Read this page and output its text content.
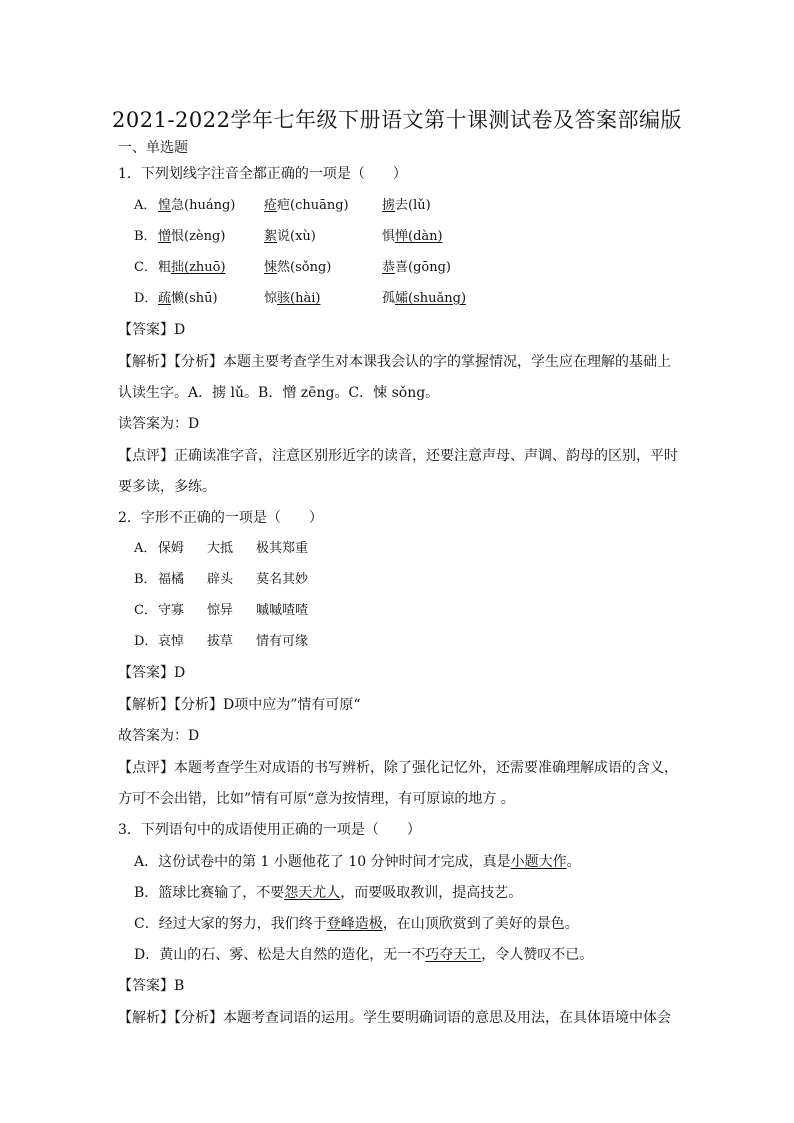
2021-2022学年七年级下册语文第十课测试卷及答案部编版
一、单选题
1．下列划线字注音全都正确的一项是（　　）
A． 惶急(huáng) 疮疤(chuāng)	掳去(lǔ)
B． 憎恨(zèng)	絮说(xù)	惧惮(dàn)
C． 粗拙(zhuō)	悚然(sǒng)	恭喜(gōng)
D． 疏懒(shū)	惊骇(hài)	孤孀(shuǎng)
【答案】D
【解析】【分析】本题主要考查学生对本课我会认的字的掌握情况，学生应在理解的基础上
认读生字。A．掳 lǔ。B．憎 zēng。C．悚 sǒng。
读答案为：D
【点评】正确读准字音，注意区别形近字的读音，还要注意声母、声调、韵母的区别，平时
要多读，多练。
2．字形不正确的一项是（　　）
A． 保姆 大抵 极其郑重
B． 福橘 辟头 莫名其妙
C． 守寡 惊异 嘁嘁喳喳
D． 哀悼 拔草 情有可缘
【答案】D
【解析】【分析】D项中应为”情有可原“
故答案为：D
【点评】本题考查学生对成语的书写辨析，除了强化记忆外，还需要准确理解成语的含义，
方可不会出错，比如”情有可原“意为按情理，有可原谅的地方 。
3．下列语句中的成语使用正确的一项是（　　）
A．这份试卷中的第 1 小题他花了 10 分钟时间才完成，真是小题大作。
B．篮球比赛输了，不要怨天尤人，而要吸取教训，提高技艺。
C．经过大家的努力，我们终于登峰造极，在山顶欣赏到了美好的景色。
D．黄山的石、雾、松是大自然的造化，无一不巧夺天工，令人赞叹不已。
【答案】B
【解析】【分析】本题考查词语的运用。学生要明确词语的意思及用法，在具体语境中体会
